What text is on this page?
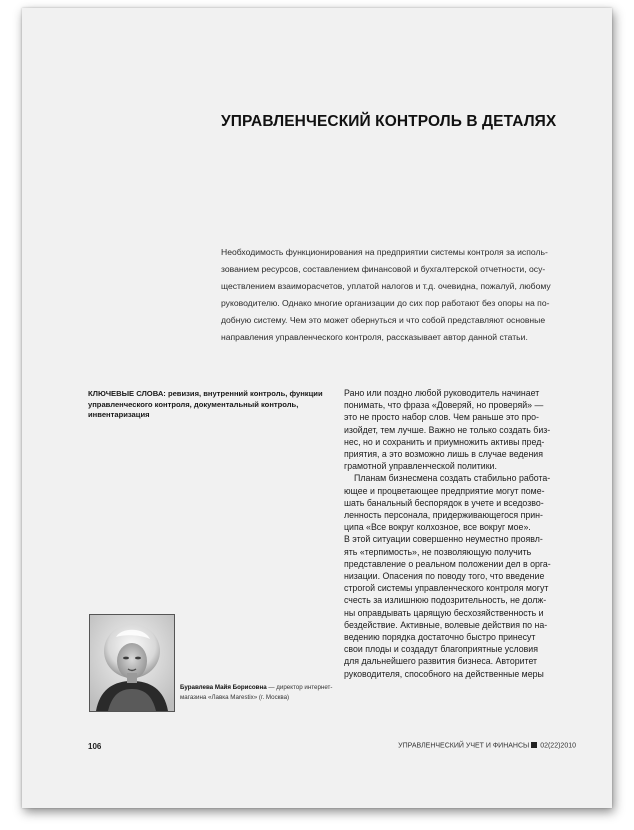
УПРАВЛЕНЧЕСКИЙ КОНТРОЛЬ В ДЕТАЛЯХ

Необходимость функционирования на предприятии системы контроля за исполь-
зованием ресурсов, составлением финансовой и бухгалтерской отчетности, осу-
ществлением взаиморасчетов, уплатой налогов и т.д. очевидна, пожалуй, любому
руководителю. Однако многие организации до сих пор работают без опоры на по-
добную систему. Чем это может обернуться и что собой представляют основные
направления управленческого контроля, рассказывает автор данной статьи.

КЛЮЧЕВЫЕ СЛОВА: ревизия, внутренний контроль, функции
управленческого контроля, документальный контроль,
инвентаризация
Рано или поздно любой руководитель начинает
понимать, что фраза «Доверяй, но проверяй» —
это не просто набор слов. Чем раньше это про-
изойдет, тем лучше. Важно не только создать биз-
нес, но и сохранить и приумножить активы пред-
приятия, а это возможно лишь в случае ведения
грамотной управленческой политики.
Планам бизнесмена создать стабильно работа-
ющее и процветающее предприятие могут поме-
шать банальный беспорядок в учете и вседозво-
ленность персонала, придерживающегося прин-
ципа «Все вокруг колхозное, все вокруг мое».
В этой ситуации совершенно неуместно проявл-
ять «терпимость», не позволяющую получить
представление о реальном положении дел в орга-
низации. Опасения по поводу того, что введение
строгой системы управленческого контроля могут
счесть за излишнюю подозрительность, не долж-
ны оправдывать царящую бесхозяйственность и
бездействие. Активные, волевые действия по на-
ведению порядка достаточно быстро принесут
свои плоды и создадут благоприятные условия
для дальнейшего развития бизнеса. Авторитет
руководителя, способного на действенные меры
Буравлева Майя Борисовна — директор интернет-
магазина «Лавка Маrestix» (г. Москва)
106	УПРАВЛЕНЧЕСКИЙ УЧЕТ И ФИНАНСЫ 02(22)2010
